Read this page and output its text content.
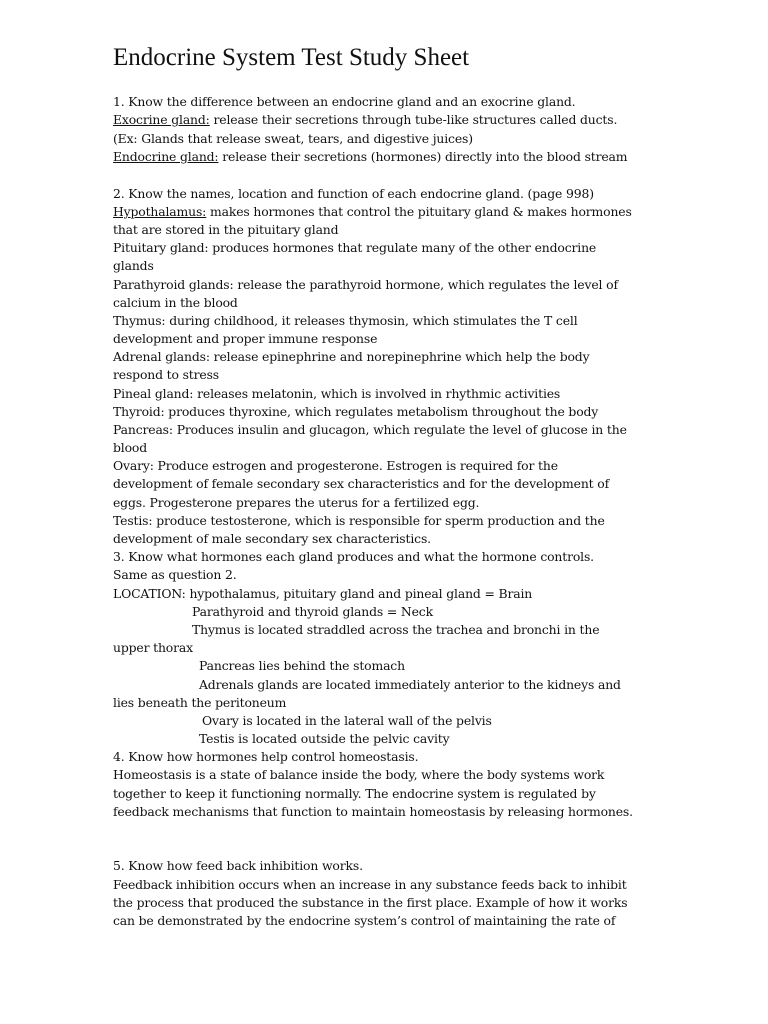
Endocrine System Test Study Sheet
1. Know the difference between an endocrine gland and an exocrine gland.
Exocrine gland: release their secretions through tube-like structures called ducts.
(Ex: Glands that release sweat, tears, and digestive juices)
Endocrine gland: release their secretions (hormones) directly into the blood stream
2. Know the names, location and function of each endocrine gland. (page 998)
Hypothalamus: makes hormones that control the pituitary gland & makes hormones
that are stored in the pituitary gland
Pituitary gland: produces hormones that regulate many of the other endocrine
glands
Parathyroid glands: release the parathyroid hormone, which regulates the level of
calcium in the blood
Thymus: during childhood, it releases thymosin, which stimulates the T cell
development and proper immune response
Adrenal glands: release epinephrine and norepinephrine which help the body
respond to stress
Pineal gland: releases melatonin, which is involved in rhythmic activities
Thyroid: produces thyroxine, which regulates metabolism throughout the body
Pancreas: Produces insulin and glucagon, which regulate the level of glucose in the
blood
Ovary: Produce estrogen and progesterone. Estrogen is required for the
development of female secondary sex characteristics and for the development of
eggs. Progesterone prepares the uterus for a fertilized egg.
Testis: produce testosterone, which is responsible for sperm production and the
development of male secondary sex characteristics.
3. Know what hormones each gland produces and what the hormone controls.
Same as question 2.
LOCATION: hypothalamus, pituitary gland and pineal gland = Brain
Parathyroid and thyroid glands = Neck
Thymus is located straddled across the trachea and bronchi in the
upper thorax
Pancreas lies behind the stomach
Adrenals glands are located immediately anterior to the kidneys and
lies beneath the peritoneum
Ovary is located in the lateral wall of the pelvis
Testis is located outside the pelvic cavity
4. Know how hormones help control homeostasis.
Homeostasis is a state of balance inside the body, where the body systems work
together to keep it functioning normally. The endocrine system is regulated by
feedback mechanisms that function to maintain homeostasis by releasing hormones.
5. Know how feed back inhibition works.
Feedback inhibition occurs when an increase in any substance feeds back to inhibit
the process that produced the substance in the first place. Example of how it works
can be demonstrated by the endocrine system’s control of maintaining the rate of
